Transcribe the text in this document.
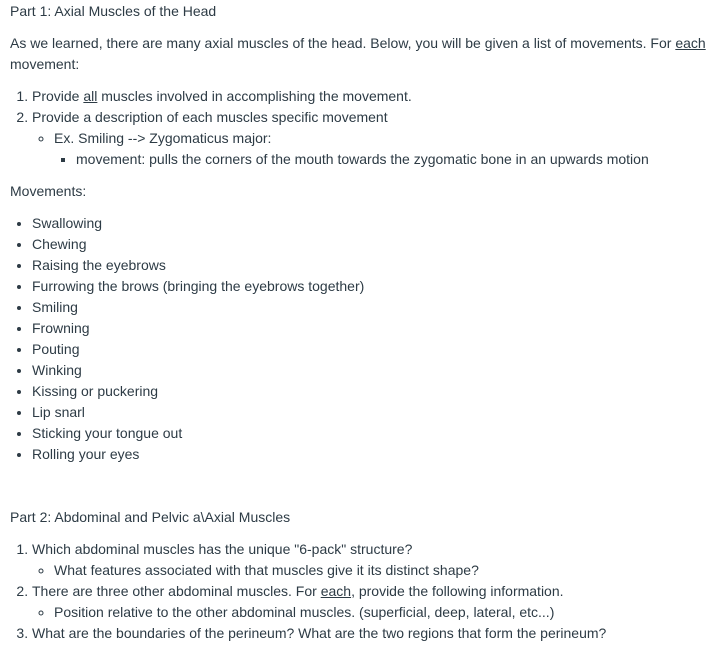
Part 1: Axial Muscles of the Head

As we learned, there are many axial muscles of the head. Below, you will be given a list of movements. For each movement:

1. Provide all muscles involved in accomplishing the movement.
2. Provide a description of each muscles specific movement
◦ Ex. Smiling --> Zygomaticus major:
▪ movement: pulls the corners of the mouth towards the zygomatic bone in an upwards motion

Movements:

• Swallowing
• Chewing
• Raising the eyebrows
• Furrowing the brows (bringing the eyebrows together)
• Smiling
• Frowning
• Pouting
• Winking
• Kissing or puckering
• Lip snarl
• Sticking your tongue out
• Rolling your eyes

Part 2: Abdominal and Pelvic a\Axial Muscles

1. Which abdominal muscles has the unique "6-pack" structure?
◦ What features associated with that muscles give it its distinct shape?
2. There are three other abdominal muscles. For each, provide the following information.
◦ Position relative to the other abdominal muscles. (superficial, deep, lateral, etc...)
3. What are the boundaries of the perineum? What are the two regions that form the perineum?
